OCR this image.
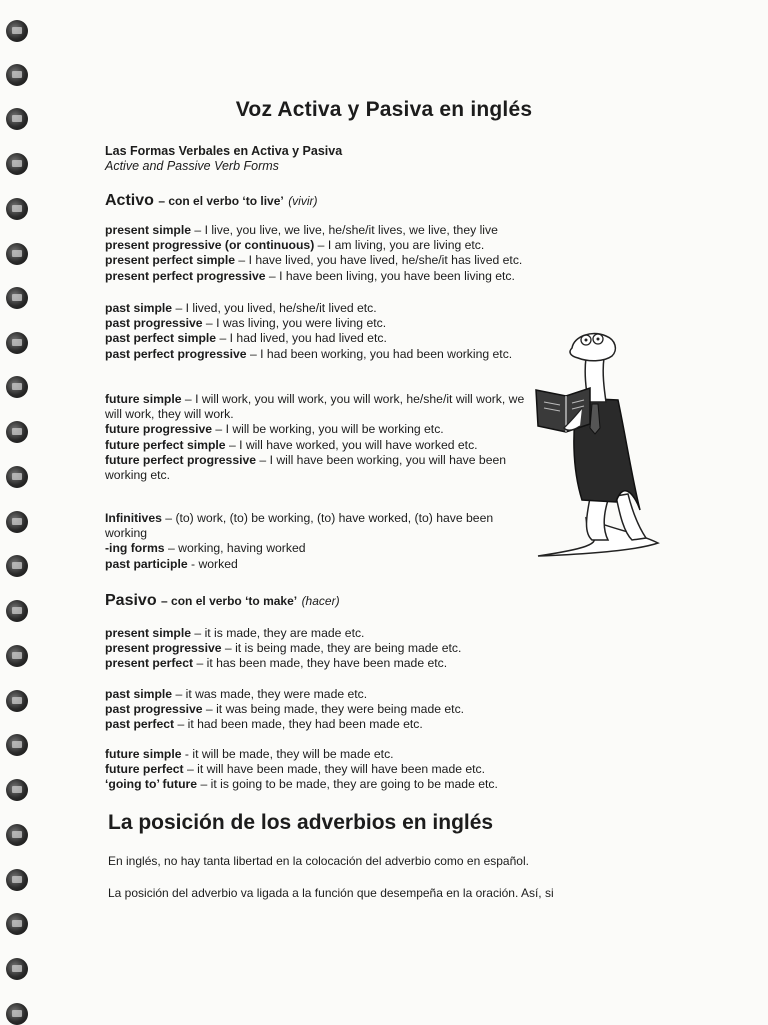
Voz Activa y Pasiva en inglés
Las Formas Verbales en Activa y Pasiva
Active and Passive Verb Forms
Activo – con el verbo ‘to live’ (vivir)
present simple – I live, you live, we live, he/she/it lives, we live, they live
present progressive (or continuous) – I am living, you are living etc.
present perfect simple – I have lived, you have lived, he/she/it has lived etc.
present perfect progressive – I have been living, you have been living etc.
past simple – I lived, you lived, he/she/it lived etc.
past progressive – I was living, you were living etc.
past perfect simple – I had lived, you had lived etc.
past perfect progressive – I had been working, you had been working etc.
future simple – I will work, you will work, you will work, he/she/it will work, we will work, they will work.
future progressive – I will be working, you will be working etc.
future perfect simple – I will have worked, you will have worked etc.
future perfect progressive – I will have been working, you will have been working etc.
Infinitives – (to) work, (to) be working, (to) have worked, (to) have been working
-ing forms – working, having worked
past participle - worked
Pasivo – con el verbo ‘to make’ (hacer)
present simple – it is made, they are made etc.
present progressive – it is being made, they are being made etc.
present perfect – it has been made, they have been made etc.
past simple – it was made, they were made etc.
past progressive – it was being made, they were being made etc.
past perfect – it had been made, they had been made etc.
future simple - it will be made, they will be made etc.
future perfect – it will have been made, they will have been made etc.
‘going to’ future – it is going to be made, they are going to be made etc.
La posición de los adverbios en inglés
En inglés, no hay tanta libertad en la colocación del adverbio como en español.
La posición del adverbio va ligada a la función que desempeña en la oración. Así, si
